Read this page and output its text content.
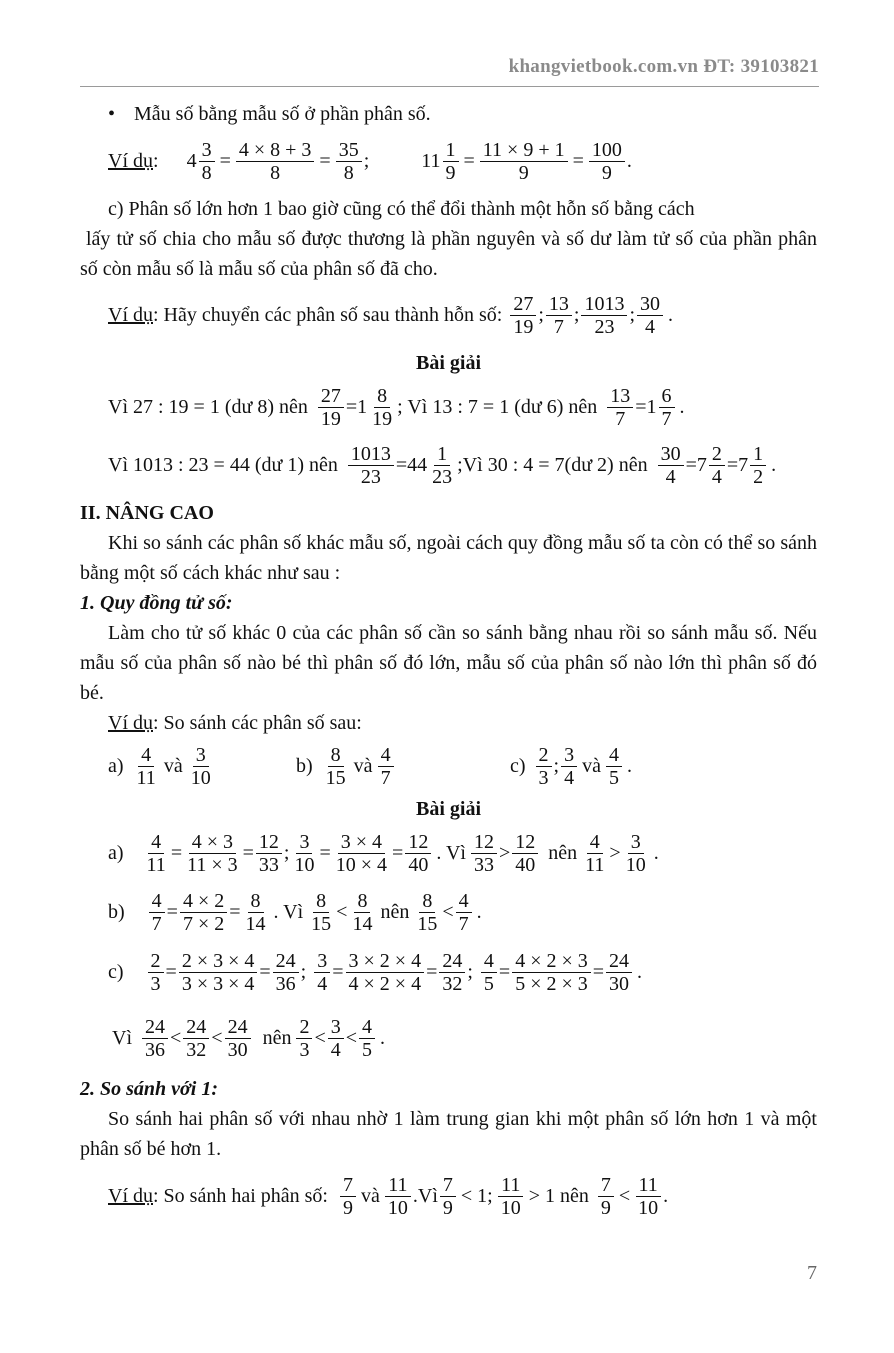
khangvietbook.com.vn ĐT: 39103821
• Mẫu số bằng mẫu số ở phần phân số.
Ví dụ : $4 \frac{3}{8} = \frac{4 \times 8 + 3}{8} = \frac{35}{8}$ ;	$11 \frac{1}{9} = \frac{11 \times 9 + 1}{9} = \frac{100}{9}$ .

c) Phân số lớn hơn 1 bao giờ cũng có thể đổi thành một hỗn số bằng cách

lấy tử số chia cho mẫu số được thương là phần nguyên và số dư làm tử số của phần phân số còn mẫu số là mẫu số của phân số đã cho.

Ví dụ : Hãy chuyển các phân số sau thành hỗn số: $\frac{27}{19}$ ; $\frac{13}{7}$ ; $\frac{1013}{23}$ ; $\frac{30}{4}$ .
Bài giải
Vì 27 : 19 = 1 (dư 8) nên $\frac{27}{19} = 1 \frac{8}{19}$ ; Vì 13 : 7 = 1 (dư 6) nên $\frac{13}{7} = 1 \frac{6}{7}$ .
Vì 1013 : 23 = 44 (dư 1) nên $\frac{1013}{23} = 44 \frac{1}{23}$ ;Vì 30 : 4 = 7(dư 2) nên $\frac{30}{4} = 7 \frac{2}{4} = 7 \frac{1}{2}$ .
II. NÂNG CAO

Khi so sánh các phân số khác mẫu số, ngoài cách quy đồng mẫu số ta còn có thể so sánh bằng một số cách khác như sau :

1. Quy đồng tử số:

Làm cho tử số khác 0 của các phân số cần so sánh bằng nhau rồi so sánh mẫu số. Nếu mẫu số của phân số nào bé thì phân số đó lớn, mẫu số của phân số nào lớn thì phân số đó bé.

Ví dụ: So sánh các phân số sau:
$a) \frac{4}{11}$ và $\frac{3}{10}$	$b) \frac{8}{15}$ và $\frac{4}{7}$	$c) \frac{2}{3}$ ; $\frac{3}{4}$ và $\frac{4}{5}$ .
Bài giải
$a) \frac{4}{11} = \frac{4 \times 3}{11 \times 3} = \frac{12}{33}$ ; $\frac{3}{10} = \frac{3 \times 4}{10 \times 4} = \frac{12}{40}$ . Vì $\frac{12}{33} > \frac{12}{40}$ nên $\frac{4}{11} > \frac{3}{10}$ .
$b) \frac{4}{7} = \frac{4 \times 2}{7 \times 2} = \frac{8}{14}$ . Vì $\frac{8}{15} < \frac{8}{14}$ nên $\frac{8}{15} < \frac{4}{7}$ .
$c) \frac{2}{3} = \frac{2 \times 3 \times 4}{3 \times 3 \times 4} = \frac{24}{36}$ ; $\frac{3}{4} = \frac{3 \times 2 \times 4}{4 \times 2 \times 4} = \frac{24}{32}$ ; $\frac{4}{5} = \frac{4 \times 2 \times 3}{5 \times 2 \times 3} = \frac{24}{30}$ .
Vì $\frac{24}{36} < \frac{24}{32} < \frac{24}{30}$ nên $\frac{2}{3} < \frac{3}{4} < \frac{4}{5}$ .
2. So sánh với 1:

So sánh hai phân số với nhau nhờ 1 làm trung gian khi một phân số lớn hơn 1 và một phân số bé hơn 1.

Ví dụ : So sánh hai phân số: $\frac{7}{9}$ và $\frac{11}{10}$ .Vì $\frac{7}{9} < 1$; $\frac{11}{10} > 1$ nên $\frac{7}{9} < \frac{11}{10}$ .
7
